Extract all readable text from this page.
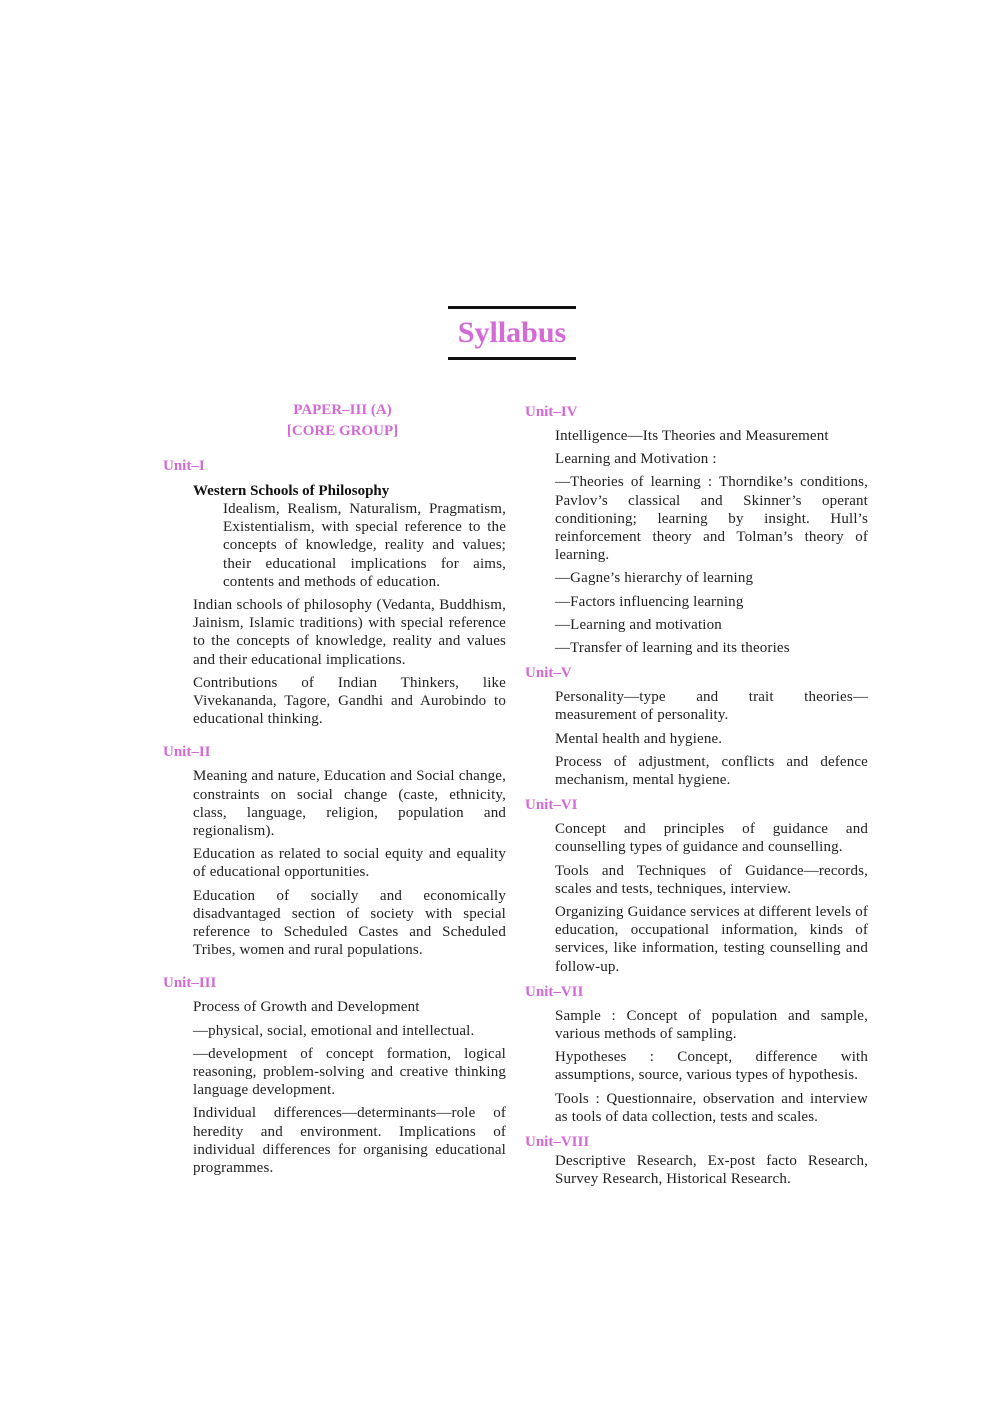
Syllabus
PAPER–III (A)
[CORE GROUP]
Unit–I
Western Schools of Philosophy
Idealism, Realism, Naturalism, Pragmatism, Existentialism, with special reference to the concepts of knowledge, reality and values; their educational implications for aims, contents and methods of education.
Indian schools of philosophy (Vedanta, Buddhism, Jainism, Islamic traditions) with special reference to the concepts of knowledge, reality and values and their educational implications.
Contributions of Indian Thinkers, like Vivekananda, Tagore, Gandhi and Aurobindo to educational thinking.
Unit–II
Meaning and nature, Education and Social change, constraints on social change (caste, ethnicity, class, language, religion, population and regionalism).
Education as related to social equity and equality of educational opportunities.
Education of socially and economically disadvantaged section of society with special reference to Scheduled Castes and Scheduled Tribes, women and rural populations.
Unit–III
Process of Growth and Development
—physical, social, emotional and intellectual.
—development of concept formation, logical reasoning, problem-solving and creative thinking language development.
Individual differences—determinants—role of heredity and environment. Implications of individual differences for organising educational programmes.
Unit–IV
Intelligence—Its Theories and Measurement
Learning and Motivation :
—Theories of learning : Thorndike’s conditions, Pavlov’s classical and Skinner’s operant conditioning; learning by insight. Hull’s reinforcement theory and Tolman’s theory of learning.
—Gagne’s hierarchy of learning
—Factors influencing learning
—Learning and motivation
—Transfer of learning and its theories
Unit–V
Personality—type and trait theories—measurement of personality.
Mental health and hygiene.
Process of adjustment, conflicts and defence mechanism, mental hygiene.
Unit–VI
Concept and principles of guidance and counselling types of guidance and counselling.
Tools and Techniques of Guidance—records, scales and tests, techniques, interview.
Organizing Guidance services at different levels of education, occupational information, kinds of services, like information, testing counselling and follow-up.
Unit–VII
Sample : Concept of population and sample, various methods of sampling.
Hypotheses : Concept, difference with assumptions, source, various types of hypothesis.
Tools : Questionnaire, observation and interview as tools of data collection, tests and scales.
Unit–VIII
Descriptive Research, Ex-post facto Research, Survey Research, Historical Research.
